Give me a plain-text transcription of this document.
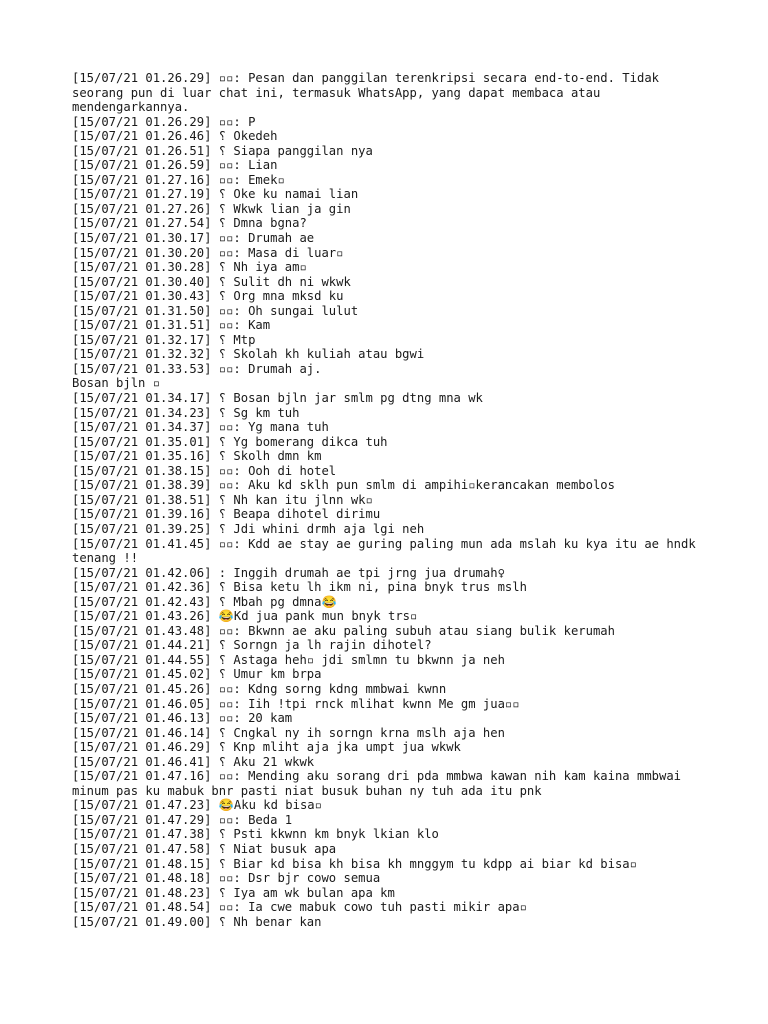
[15/07/21 01.26.29] ▫▫: Pesan dan panggilan terenkripsi secara end-to-end. Tidak seorang pun di luar chat ini, termasuk WhatsApp, yang dapat membaca atau mendengarkannya.
[15/07/21 01.26.29] ▫▫: P
[15/07/21 01.26.46] ⸮ Okedeh
[15/07/21 01.26.51] ⸮ Siapa panggilan nya
[15/07/21 01.26.59] ▫▫: Lian
[15/07/21 01.27.16] ▫▫: Emek▫
[15/07/21 01.27.19] ⸮ Oke ku namai lian
[15/07/21 01.27.26] ⸮ Wkwk lian ja gin
[15/07/21 01.27.54] ⸮ Dmna bgna?
[15/07/21 01.30.17] ▫▫: Drumah ae
[15/07/21 01.30.20] ▫▫: Masa di luar▫
[15/07/21 01.30.28] ⸮ Nh iya am▫
[15/07/21 01.30.40] ⸮ Sulit dh ni wkwk
[15/07/21 01.30.43] ⸮ Org mna mksd ku
[15/07/21 01.31.50] ▫▫: Oh sungai lulut
[15/07/21 01.31.51] ▫▫: Kam
[15/07/21 01.32.17] ⸮ Mtp
[15/07/21 01.32.32] ⸮ Skolah kh kuliah atau bgwi
[15/07/21 01.33.53] ▫▫: Drumah aj.
Bosan bjln ▫
[15/07/21 01.34.17] ⸮ Bosan bjln jar smlm pg dtng mna wk
[15/07/21 01.34.23] ⸮ Sg km tuh
[15/07/21 01.34.37] ▫▫: Yg mana tuh
[15/07/21 01.35.01] ⸮ Yg bomerang dikca tuh
[15/07/21 01.35.16] ⸮ Skolh dmn km
[15/07/21 01.38.15] ▫▫: Ooh di hotel
[15/07/21 01.38.39] ▫▫: Aku kd sklh pun smlm di ampihi▫kerancakan membolos
[15/07/21 01.38.51] ⸮ Nh kan itu jlnn wk▫
[15/07/21 01.39.16] ⸮ Beapa dihotel dirimu
[15/07/21 01.39.25] ⸮ Jdi whini drmh aja lgi neh
[15/07/21 01.41.45] ▫▫: Kdd ae stay ae guring paling mun ada mslah ku kya itu ae hndk tenang !!
[15/07/21 01.42.06] : Inggih drumah ae tpi jrng jua drumah♀
[15/07/21 01.42.36] ⸮ Bisa ketu lh ikm ni, pina bnyk trus mslh
[15/07/21 01.42.43] ⸮ Mbah pg dmna😂
[15/07/21 01.43.26] 😂Kd jua pank mun bnyk trs▫
[15/07/21 01.43.48] ▫▫: Bkwnn ae aku paling subuh atau siang bulik kerumah
[15/07/21 01.44.21] ⸮ Sorngn ja lh rajin dihotel?
[15/07/21 01.44.55] ⸮ Astaga heh▫ jdi smlmn tu bkwnn ja neh
[15/07/21 01.45.02] ⸮ Umur km brpa
[15/07/21 01.45.26] ▫▫: Kdng sorng kdng mmbwai kwnn
[15/07/21 01.46.05] ▫▫: Iih !tpi rnck mlihat kwnn Me gm jua▫▫
[15/07/21 01.46.13] ▫▫: 20 kam
[15/07/21 01.46.14] ⸮ Cngkal ny ih sorngn krna mslh aja hen
[15/07/21 01.46.29] ⸮ Knp mliht aja jka umpt jua wkwk
[15/07/21 01.46.41] ⸮ Aku 21 wkwk
[15/07/21 01.47.16] ▫▫: Mending aku sorang dri pda mmbwa kawan nih kam kaina mmbwai minum pas ku mabuk bnr pasti niat busuk buhan ny tuh ada itu pnk
[15/07/21 01.47.23] 😂Aku kd bisa▫
[15/07/21 01.47.29] ▫▫: Beda 1
[15/07/21 01.47.38] ⸮ Psti kkwnn km bnyk lkian klo
[15/07/21 01.47.58] ⸮ Niat busuk apa
[15/07/21 01.48.15] ⸮ Biar kd bisa kh bisa kh mnggym tu kdpp ai biar kd bisa▫
[15/07/21 01.48.18] ▫▫: Dsr bjr cowo semua
[15/07/21 01.48.23] ⸮ Iya am wk bulan apa km
[15/07/21 01.48.54] ▫▫: Ia cwe mabuk cowo tuh pasti mikir apa▫
[15/07/21 01.49.00] ⸮ Nh benar kan
